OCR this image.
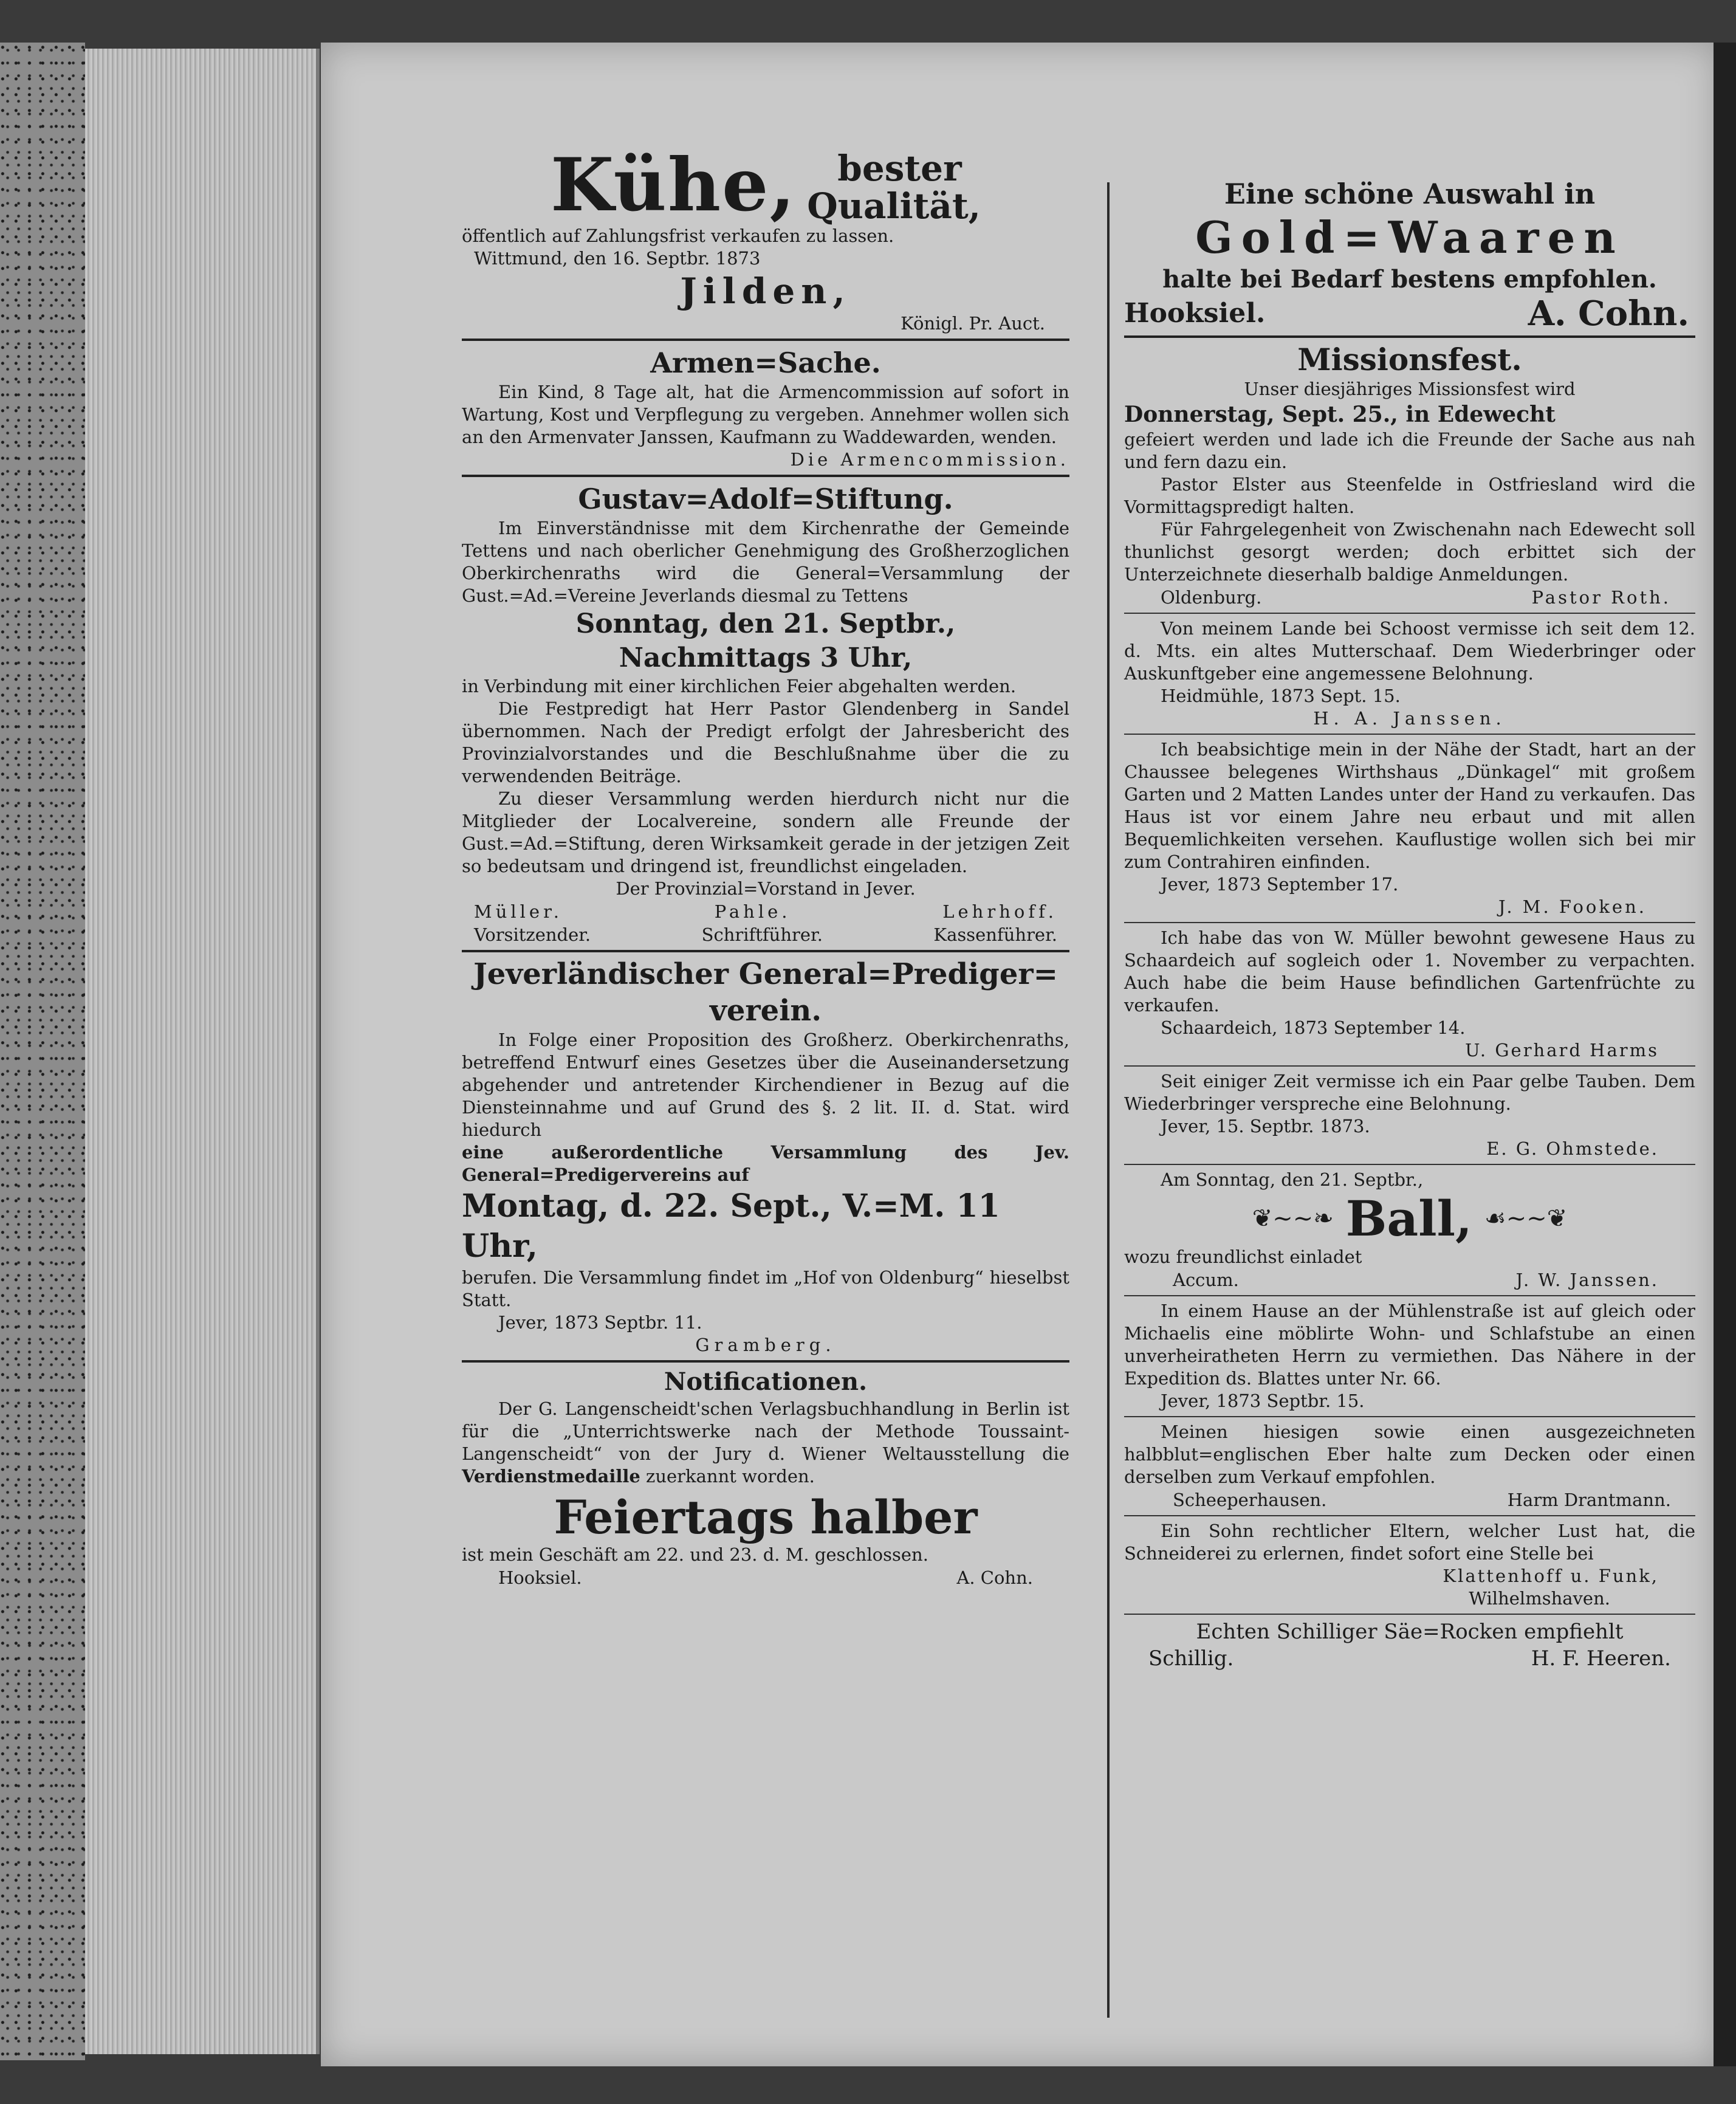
Kühe, bester
Qualität,

öffentlich auf Zahlungsfrist verkaufen zu lassen.

Wittmund, den 16. Septbr. 1873

Jilden,

Königl. Pr. Auct.

Armen=Sache.

Ein Kind, 8 Tage alt, hat die Armencommission auf sofort in Wartung, Kost und Verpflegung zu vergeben. Annehmer wollen sich an den Armenvater Janssen, Kaufmann zu Waddewarden, wenden.

Die Armencommission.

Gustav=Adolf=Stiftung.

Im Einverständnisse mit dem Kirchenrathe der Gemeinde Tettens und nach oberlicher Genehmigung des Großherzoglichen Oberkirchenraths wird die General=Versammlung der Gust.=Ad.=Vereine Jeverlands diesmal zu Tettens

Sonntag, den 21. Septbr.,
Nachmittags 3 Uhr,

in Verbindung mit einer kirchlichen Feier abgehalten werden.

Die Festpredigt hat Herr Pastor Glendenberg in Sandel übernommen. Nach der Predigt erfolgt der Jahresbericht des Provinzialvorstandes und die Beschlußnahme über die zu verwendenden Beiträge.

Zu dieser Versammlung werden hierdurch nicht nur die Mitglieder der Localvereine, sondern alle Freunde der Gust.=Ad.=Stiftung, deren Wirksamkeit gerade in der jetzigen Zeit so bedeutsam und dringend ist, freundlichst eingeladen.

Der Provinzial=Vorstand in Jever.

Müller.	Pahle.	Lehrhoff.
Vorsitzender.	Schriftführer.	Kassenführer.
Jeverländischer General=Prediger=
verein.

In Folge einer Proposition des Großherz. Oberkirchenraths, betreffend Entwurf eines Gesetzes über die Auseinandersetzung abgehender und antretender Kirchendiener in Bezug auf die Diensteinnahme und auf Grund des §. 2 lit. II. d. Stat. wird hiedurch

eine außerordentliche Versammlung des Jev. General=Predigervereins auf

Montag, d. 22. Sept., V.=M. 11 Uhr,

berufen. Die Versammlung findet im „Hof von Oldenburg“ hieselbst Statt.

Jever, 1873 Septbr. 11.

Gramberg.

Notificationen.

Der G. Langenscheidt'schen Verlagsbuchhandlung in Berlin ist für die „Unterrichtswerke nach der Methode Toussaint-Langenscheidt“ von der Jury d. Wiener Weltausstellung die Verdienstmedaille zuerkannt worden.

Feiertags halber

ist mein Geschäft am 22. und 23. d. M. geschlossen.

Hooksiel.	A. Cohn.
Eine schöne Auswahl in
Gold=Waaren
halte bei Bedarf bestens empfohlen.
Hooksiel.	A. Cohn.
Missionsfest.

Unser diesjähriges Missionsfest wird

Donnerstag, Sept. 25., in Edewecht

gefeiert werden und lade ich die Freunde der Sache aus nah und fern dazu ein.

Pastor Elster aus Steenfelde in Ostfriesland wird die Vormittagspredigt halten.

Für Fahrgelegenheit von Zwischenahn nach Edewecht soll thunlichst gesorgt werden; doch erbittet sich der Unterzeichnete dieserhalb baldige Anmeldungen.

Oldenburg.	Pastor Roth.

Von meinem Lande bei Schoost vermisse ich seit dem 12. d. Mts. ein altes Mutterschaaf. Dem Wiederbringer oder Auskunftgeber eine angemessene Belohnung.

Heidmühle, 1873 Sept. 15.

H. A. Janssen.

Ich beabsichtige mein in der Nähe der Stadt, hart an der Chaussee belegenes Wirthshaus „Dünkagel“ mit großem Garten und 2 Matten Landes unter der Hand zu verkaufen. Das Haus ist vor einem Jahre neu erbaut und mit allen Bequemlichkeiten versehen. Kauflustige wollen sich bei mir zum Contrahiren einfinden.

Jever, 1873 September 17.

J. M. Fooken.

Ich habe das von W. Müller bewohnt gewesene Haus zu Schaardeich auf sogleich oder 1. November zu verpachten. Auch habe die beim Hause befindlichen Gartenfrüchte zu verkaufen.

Schaardeich, 1873 September 14.

U. Gerhard Harms

Seit einiger Zeit vermisse ich ein Paar gelbe Tauben. Dem Wiederbringer verspreche eine Belohnung.

Jever, 15. Septbr. 1873.

E. G. Ohmstede.

Am Sonntag, den 21. Septbr.,

❦~~❧ Ball, ☙~~❦

wozu freundlichst einladet

Accum.	J. W. Janssen.

In einem Hause an der Mühlenstraße ist auf gleich oder Michaelis eine möblirte Wohn- und Schlafstube an einen unverheiratheten Herrn zu vermiethen. Das Nähere in der Expedition ds. Blattes unter Nr. 66.

Jever, 1873 Septbr. 15.

Meinen hiesigen sowie einen ausgezeichneten halbblut=englischen Eber halte zum Decken oder einen derselben zum Verkauf empfohlen.

Scheeperhausen.	Harm Drantmann.

Ein Sohn rechtlicher Eltern, welcher Lust hat, die Schneiderei zu erlernen, findet sofort eine Stelle bei

Klattenhoff u. Funk,

Wilhelmshaven.

Echten Schilliger Säe=Rocken empfiehlt

Schillig.	H. F. Heeren.
